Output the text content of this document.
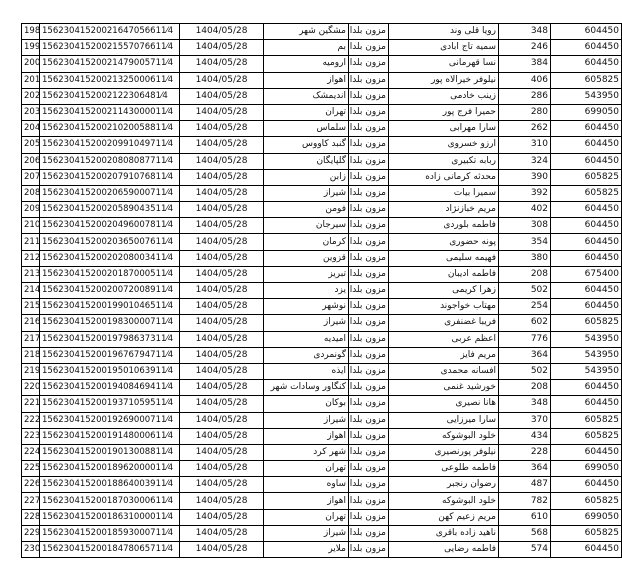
198	15623041520021647056611⁄4	1404/05/28	مشگین شهر	مزون بلدا	رویا قلی وند	348	604450
199	15623041520021557076611⁄4	1404/05/28	بم	مزون بلدا	سمیه تاج ابادی	246	604450
200	15623041520021479005711⁄4	1404/05/28	ارومیه	مزون بلدا	نسا قهرمانی	384	604450
201	15623041520021325000611⁄4	1404/05/28	اهواز	مزون بلدا	نیلوفر خیرالاه پور	406	605825
202	1562304152002122306481⁄4	1404/05/28	اندیمشک	مزون بلدا	زینب خادمی	286	543950
203	15623041520021143000011⁄4	1404/05/28	تهران	مزون بلدا	حمیرا فرج پور	280	699050
204	15623041520021020058811⁄4	1404/05/28	سلماس	مزون بلدا	سارا مهرابی	262	604450
205	15623041520020991049711⁄4	1404/05/28	گنبد کاووس	مزون بلدا	ارزو خسروی	310	604450
206	15623041520020808087711⁄4	1404/05/28	گلپایگان	مزون بلدا	ربابه تکبیری	324	604450
207	15623041520020791076811⁄4	1404/05/28	زابن	مزون بلدا	محدثه کرمانی زاده	390	605825
208	15623041520020659000711⁄4	1404/05/28	شیراز	مزون بلدا	سمیرا بیات	392	605825
209	15623041520020589043511⁄4	1404/05/28	فومن	مزون بلدا	مریم خبازنژاد	402	604450
210	15623041520020496007811⁄4	1404/05/28	سیرجان	مزون بلدا	فاطمه بلوردی	308	604450
211	15623041520020365007611⁄4	1404/05/28	کرمان	مزون بلدا	پونه حضوری	354	604450
212	15623041520020208003411⁄4	1404/05/28	قزوین	مزون بلدا	فهیمه سلیمی	380	604450
213	15623041520020187000511⁄4	1404/05/28	تبریز	مزون بلدا	فاطمه ادیبان	208	675400
214	15623041520020072008911⁄4	1404/05/28	یزد	مزون بلدا	زهرا کریمی	502	604450
215	15623041520019901046511⁄4	1404/05/28	نوشهر	مزون بلدا	مهتاب خواجوند	254	604450
216	15623041520019830000711⁄4	1404/05/28	شیراز	مزون بلدا	فریبا غضنفری	602	605825
217	15623041520019798637311⁄4	1404/05/28	امیدیه	مزون بلدا	اعظم عربی	776	543950
218	15623041520019676794711⁄4	1404/05/28	گونمردی	مزون بلدا	مریم فایز	364	543950
219	15623041520019501063911⁄4	1404/05/28	ایذه	مزون بلدا	افسانه محمدی	502	543950
220	15623041520019408469411⁄4	1404/05/28	کنگاور وسادات شهر	مزون بلدا	خورشید غنمی	208	604450
221	15623041520019371059511⁄4	1404/05/28	بوکان	مزون بلدا	هانا نصیری	348	604450
222	15623041520019269000711⁄4	1404/05/28	شیراز	مزون بلدا	سارا میرزایی	370	605825
223	15623041520019148000611⁄4	1404/05/28	اهواز	مزون بلدا	خلود البوشوکه	434	605825
224	15623041520019013008811⁄4	1404/05/28	شهر کرد	مزون بلدا	نیلوفر پورنصیری	228	604450
225	15623041520018962000011⁄4	1404/05/28	تهران	مزون بلدا	فاطمه طلوعی	364	699050
226	15623041520018864003911⁄4	1404/05/28	ساوه	مزون بلدا	رضوان رنجبر	487	604450
227	15623041520018703000611⁄4	1404/05/28	اهواز	مزون بلدا	خلود البوشوکه	782	605825
228	15623041520018631000011⁄4	1404/05/28	تهران	مزون بلدا	مریم زعیم کهن	610	699050
229	15623041520018593000711⁄4	1404/05/28	شیراز	مزون بلدا	ناهید زاده باقری	568	605825
230	15623041520018478065711⁄4	1404/05/28	ملایر	مزون بلدا	فاطمه رضایی	574	604450
